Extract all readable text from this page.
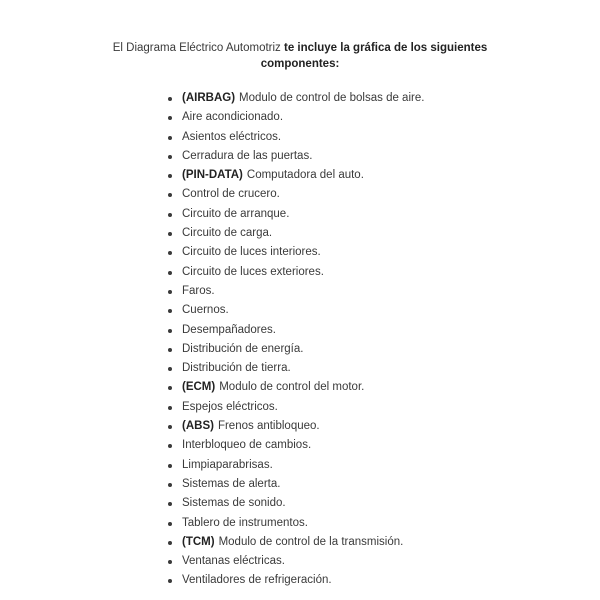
El Diagrama Eléctrico Automotriz te incluye la gráfica de los siguientes
componentes:
(AIRBAG) Modulo de control de bolsas de aire.
Aire acondicionado.
Asientos eléctricos.
Cerradura de las puertas.
(PIN-DATA) Computadora del auto.
Control de crucero.
Circuito de arranque.
Circuito de carga.
Circuito de luces interiores.
Circuito de luces exteriores.
Faros.
Cuernos.
Desempañadores.
Distribución de energía.
Distribución de tierra.
(ECM) Modulo de control del motor.
Espejos eléctricos.
(ABS) Frenos antibloqueo.
Interbloqueo de cambios.
Limpiaparabrisas.
Sistemas de alerta.
Sistemas de sonido.
Tablero de instrumentos.
(TCM) Modulo de control de la transmisión.
Ventanas eléctricas.
Ventiladores de refrigeración.
